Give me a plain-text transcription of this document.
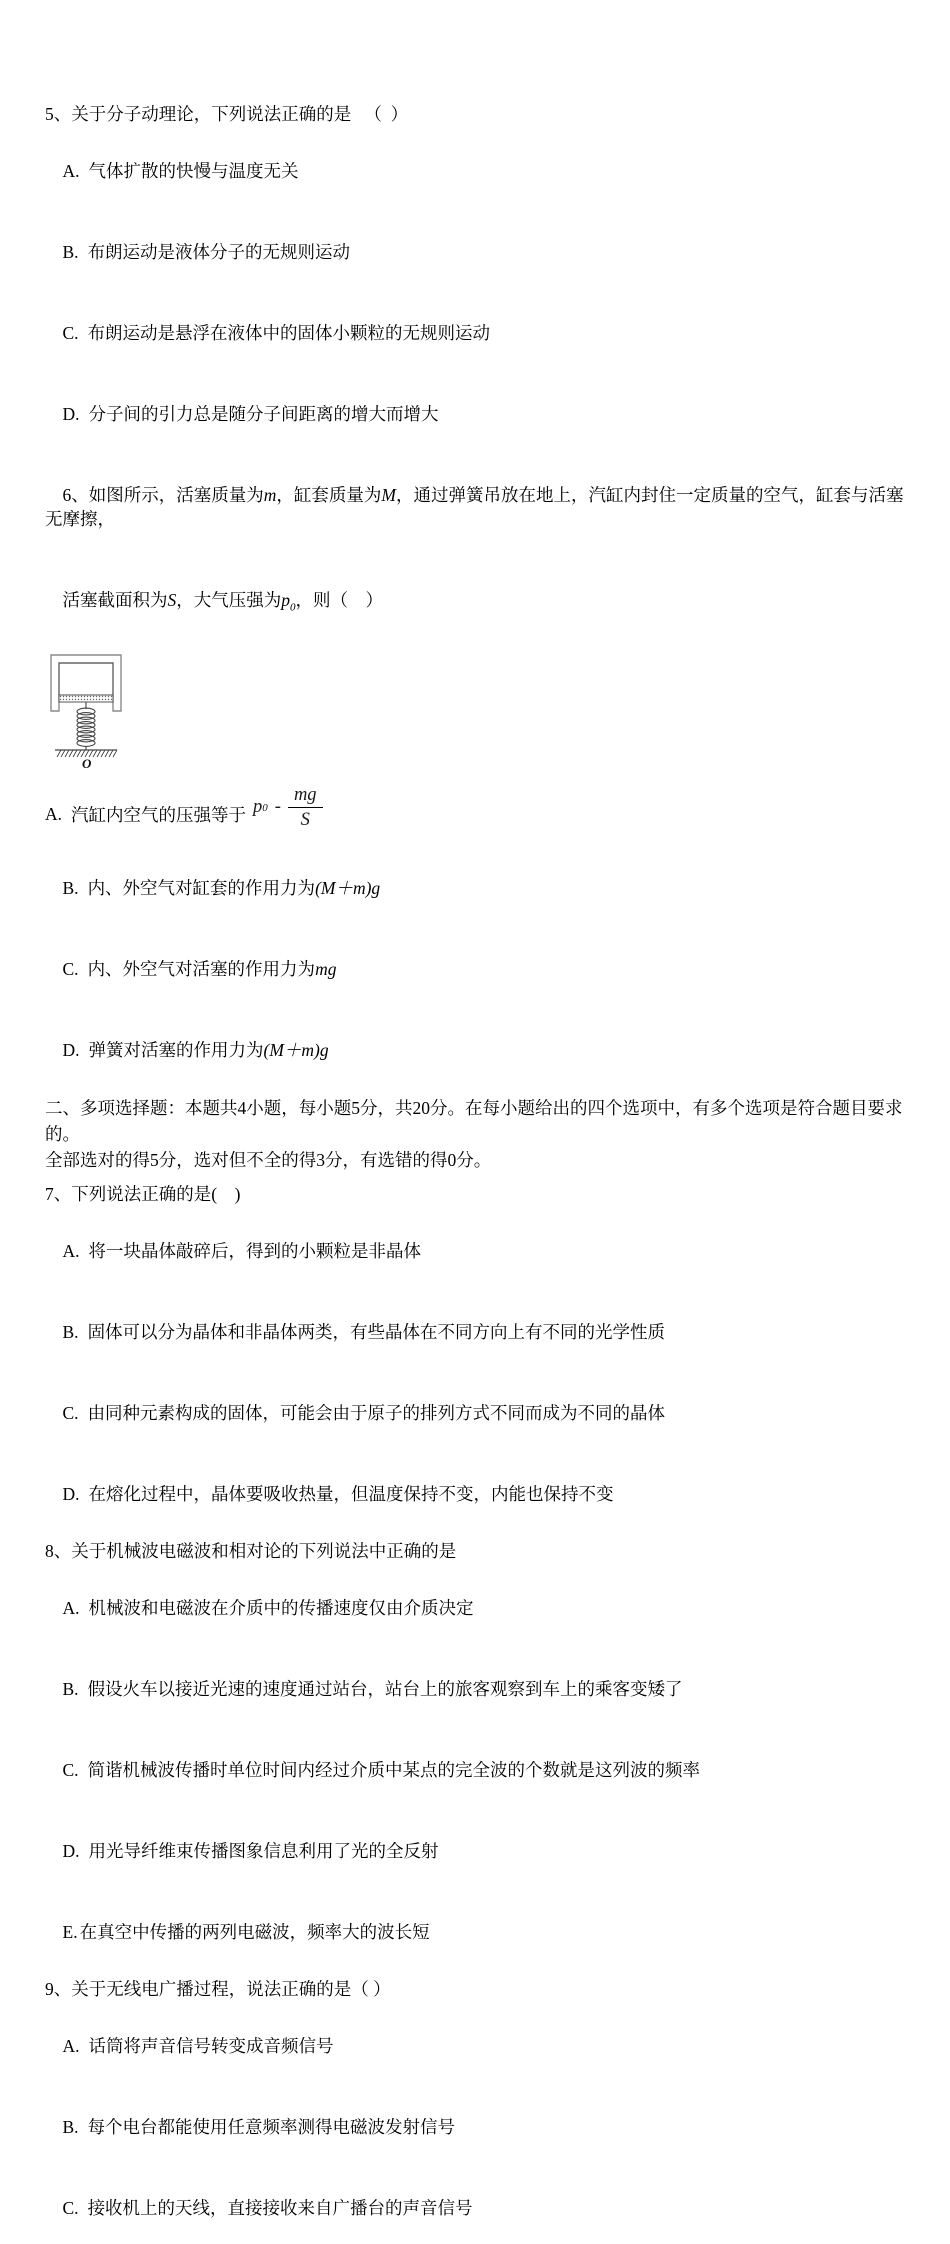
5、关于分子动理论，下列说法正确的是   （  ）

A. 气体扩散的快慢与温度无关

B. 布朗运动是液体分子的无规则运动

C. 布朗运动是悬浮在液体中的固体小颗粒的无规则运动

D. 分子间的引力总是随分子间距离的增大而增大

6、如图所示，活塞质量为m，缸套质量为M，通过弹簧吊放在地上，汽缸内封住一定质量的空气，缸套与活塞无摩擦，

活塞截面积为S，大气压强为$p_0$，则（    ）

O
A. 汽缸内空气的压强等于 p $0 - \frac{mg}{S}$

B. 内、外空气对缸套的作用力为(M＋m)g

C. 内、外空气对活塞的作用力为mg

D. 弹簧对活塞的作用力为(M＋m)g

二、多项选择题：本题共4小题，每小题5分，共20分。在每小题给出的四个选项中，有多个选项是符合题目要求的。
全部选对的得5分，选对但不全的得3分，有选错的得0分。
7、下列说法正确的是(    )

A. 将一块晶体敲碎后，得到的小颗粒是非晶体

B. 固体可以分为晶体和非晶体两类，有些晶体在不同方向上有不同的光学性质

C. 由同种元素构成的固体，可能会由于原子的排列方式不同而成为不同的晶体

D. 在熔化过程中，晶体要吸收热量，但温度保持不变，内能也保持不变

8、关于机械波电磁波和相对论的下列说法中正确的是

A. 机械波和电磁波在介质中的传播速度仅由介质决定

B. 假设火车以接近光速的速度通过站台，站台上的旅客观察到车上的乘客变矮了

C. 简谐机械波传播时单位时间内经过介质中某点的完全波的个数就是这列波的频率

D. 用光导纤维束传播图象信息利用了光的全反射

E. 在真空中传播的两列电磁波，频率大的波长短

9、关于无线电广播过程，说法正确的是（ ）

A. 话筒将声音信号转变成音频信号

B. 每个电台都能使用任意频率测得电磁波发射信号

C. 接收机上的天线，直接接收来自广播台的声音信号
